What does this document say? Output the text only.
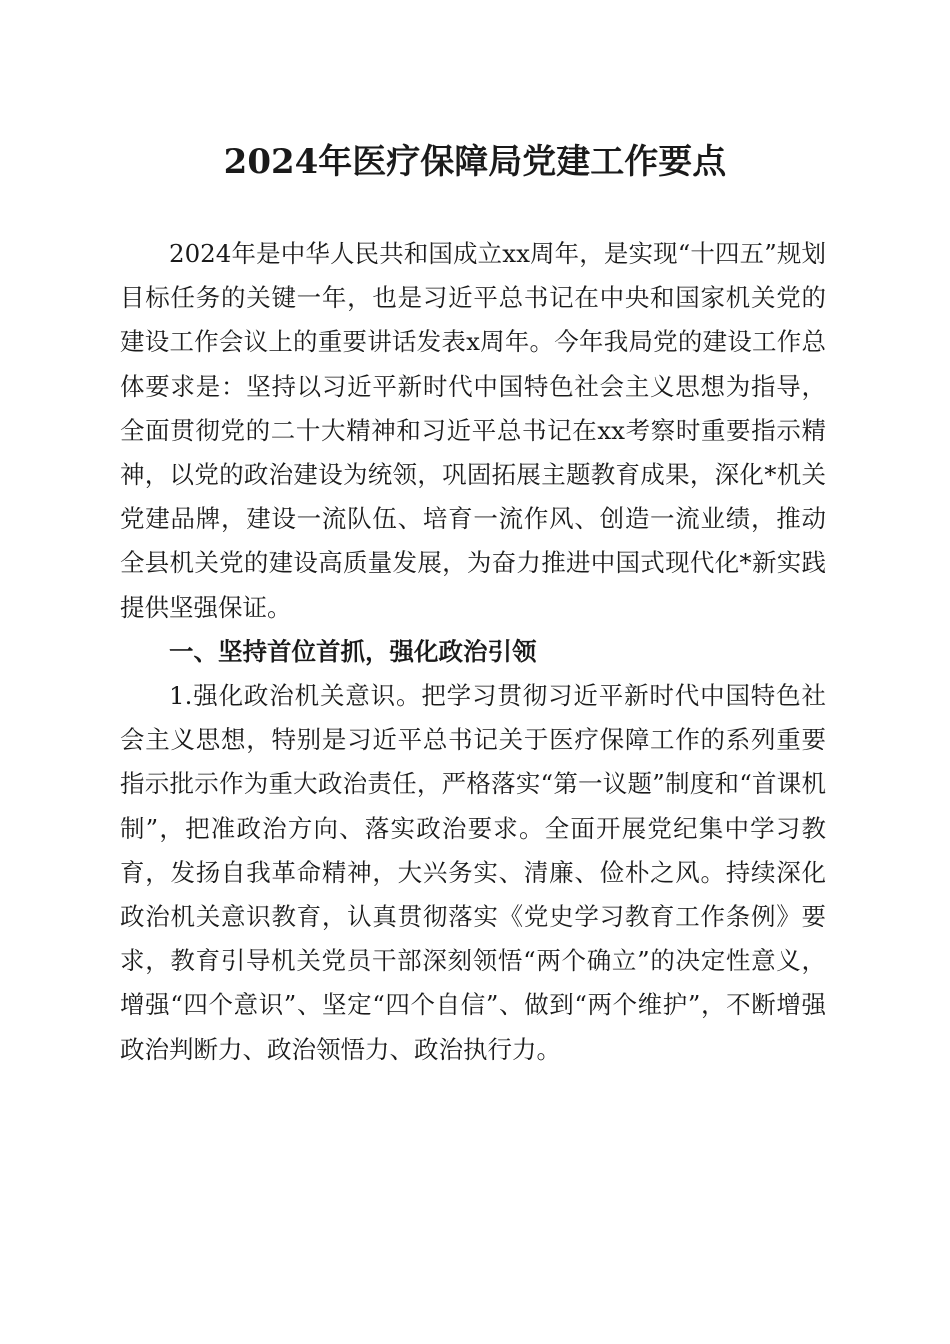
2024年医疗保障局党建工作要点

2024年是中华人民共和国成立xx周年，是实现“十四五”规划目标任务的关键一年，也是习近平总书记在中央和国家机关党的建设工作会议上的重要讲话发表x周年。今年我局党的建设工作总体要求是：坚持以习近平新时代中国特色社会主义思想为指导，全面贯彻党的二十大精神和习近平总书记在xx考察时重要指示精神，以党的政治建设为统领，巩固拓展主题教育成果，深化*机关党建品牌，建设一流队伍、培育一流作风、创造一流业绩，推动全县机关党的建设高质量发展，为奋力推进中国式现代化*新实践提供坚强保证。

一、坚持首位首抓，强化政治引领

1.强化政治机关意识。把学习贯彻习近平新时代中国特色社会主义思想，特别是习近平总书记关于医疗保障工作的系列重要指示批示作为重大政治责任，严格落实“第一议题”制度和“首课机制”，把准政治方向、落实政治要求。全面开展党纪集中学习教育，发扬自我革命精神，大兴务实、清廉、俭朴之风。持续深化政治机关意识教育，认真贯彻落实《党史学习教育工作条例》要求，教育引导机关党员干部深刻领悟“两个确立”的决定性意义，增强“四个意识”、坚定“四个自信”、做到“两个维护”，不断增强政治判断力、政治领悟力、政治执行力。
